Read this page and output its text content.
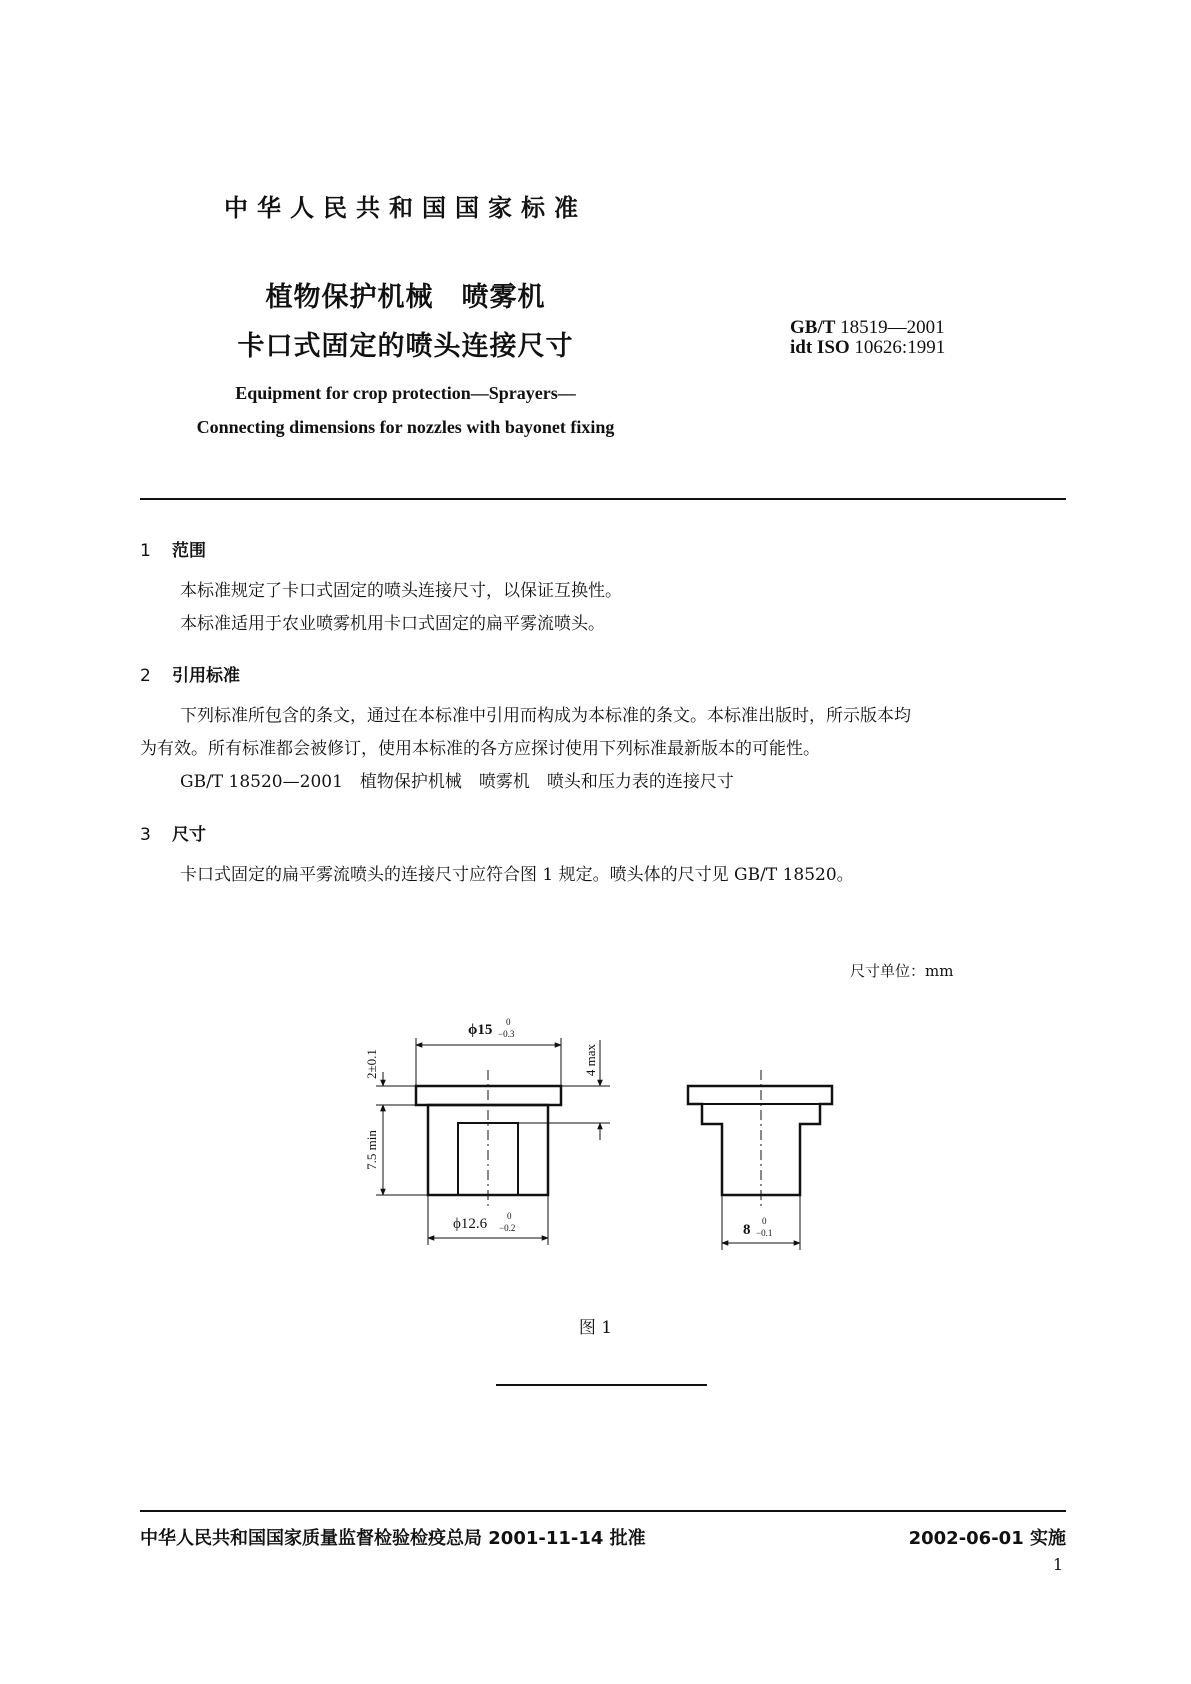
中华人民共和国国家标准
植物保护机械　喷雾机
卡口式固定的喷头连接尺寸
GB/T 18519—2001
idt ISO 10626:1991
Equipment for crop protection—Sprayers—
Connecting dimensions for nozzles with bayonet fixing
1 范围
本标准规定了卡口式固定的喷头连接尺寸，以保证互换性。
本标准适用于农业喷雾机用卡口式固定的扁平雾流喷头。
2 引用标准
下列标准所包含的条文，通过在本标准中引用而构成为本标准的条文。本标准出版时，所示版本均
为有效。所有标准都会被修订，使用本标准的各方应探讨使用下列标准最新版本的可能性。
GB/T 18520—2001　植物保护机械　喷雾机　喷头和压力表的连接尺寸
3 尺寸
卡口式固定的扁平雾流喷头的连接尺寸应符合图 1 规定。喷头体的尺寸见 GB/T 18520。
尺寸单位：mm
ϕ15 0
−0.3
2±0.1
7.5 min
4 max
ϕ12.6 0
−0.2	8
0
−0.1
图 1
中华人民共和国国家质量监督检验检疫总局 2001-11-14 批准	2002-06-01 实施
1
